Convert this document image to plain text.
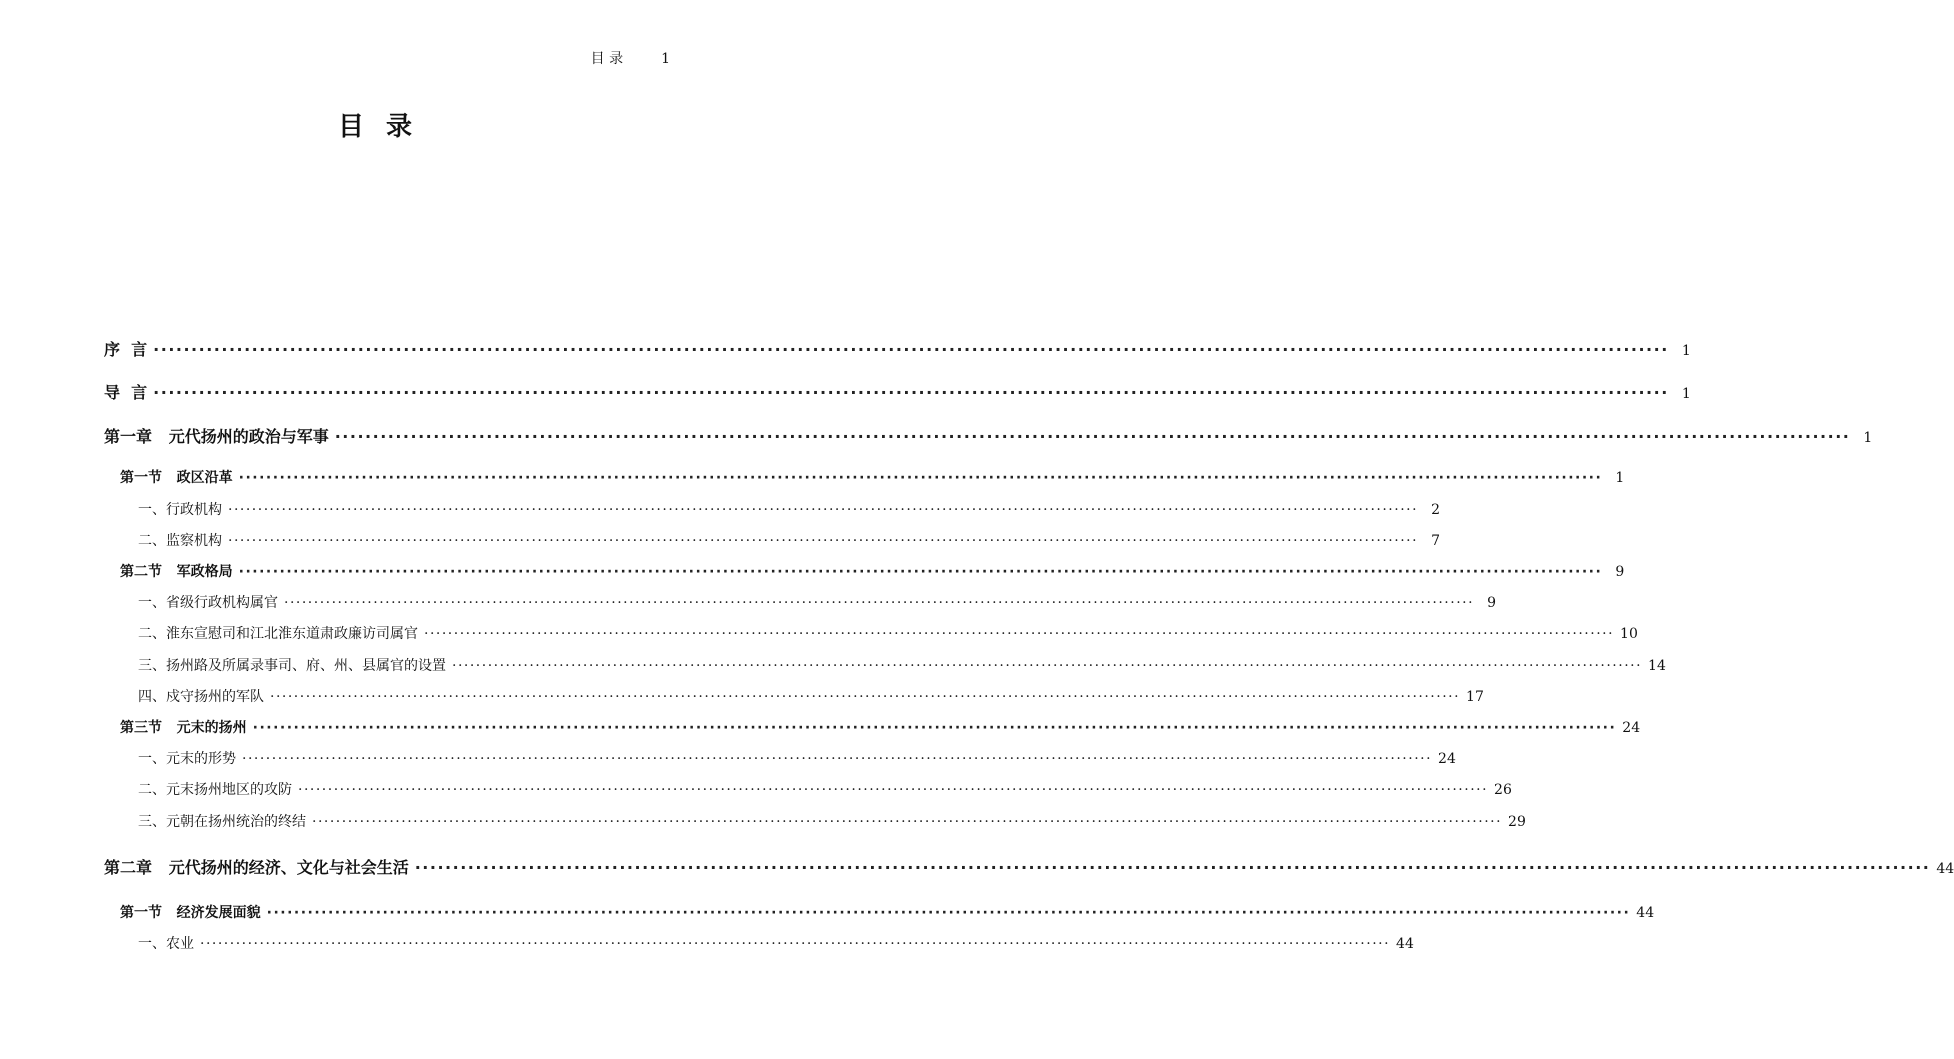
目 录	1
目录
序  言 ········································································································································································································ 1
导  言 ········································································································································································································ 1
第一章   元代扬州的政治与军事 ········································································································································································································ 1
第一节   政区沿革 ········································································································································································································ 1
一、行政机构 ········································································································································································································ 2
二、监察机构 ········································································································································································································ 7
第二节   军政格局 ········································································································································································································ 9
一、省级行政机构属官 ········································································································································································································ 9
二、淮东宣慰司和江北淮东道肃政廉访司属官 ········································································································································································································ 10
三、扬州路及所属录事司、府、州、县属官的设置 ········································································································································································································ 14
四、戍守扬州的军队 ········································································································································································································ 17
第三节   元末的扬州 ········································································································································································································ 24
一、元末的形势 ········································································································································································································ 24
二、元末扬州地区的攻防 ········································································································································································································ 26
三、元朝在扬州统治的终结 ········································································································································································································ 29
第二章   元代扬州的经济、文化与社会生活 ········································································································································································································ 44
第一节   经济发展面貌 ········································································································································································································ 44
一、农业 ········································································································································································································ 44
